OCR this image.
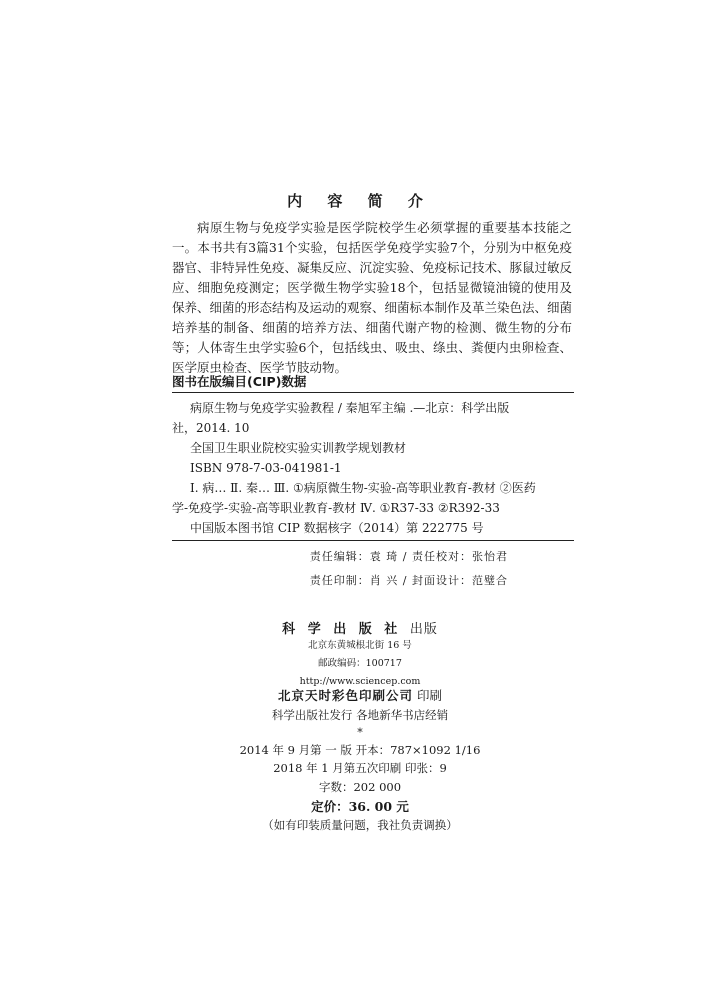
内 容 简 介

病原生物与免疫学实验是医学院校学生必须掌握的重要基本技能之一。本书共有3篇31个实验，包括医学免疫学实验7个，分别为中枢免疫器官、非特异性免疫、凝集反应、沉淀实验、免疫标记技术、豚鼠过敏反应、细胞免疫测定；医学微生物学实验18个，包括显微镜油镜的使用及保养、细菌的形态结构及运动的观察、细菌标本制作及革兰染色法、细菌培养基的制备、细菌的培养方法、细菌代谢产物的检测、微生物的分布等；人体寄生虫学实验6个，包括线虫、吸虫、绦虫、粪便内虫卵检查、医学原虫检查、医学节肢动物。

图书在版编目(CIP)数据
病原生物与免疫学实验教程 / 秦旭军主编 .—北京：科学出版
社，2014. 10
全国卫生职业院校实验实训教学规划教材
ISBN 978-7-03-041981-1
Ⅰ. 病… Ⅱ. 秦… Ⅲ. ①病原微生物-实验-高等职业教育-教材 ②医药
学-免疫学-实验-高等职业教育-教材 Ⅳ. ①R37-33 ②R392-33
中国版本图书馆 CIP 数据核字（2014）第 222775 号
责任编辑：袁 琦 / 责任校对：张怡君
责任印制：肖 兴 / 封面设计：范璧合
科 学 出 版 社 出版
北京东黄城根北街 16 号
邮政编码：100717
http://www.sciencep.com
北京天时彩色印刷公司 印刷
科学出版社发行 各地新华书店经销
*
2014 年 9 月第 一 版 开本：787×1092 1/16
2018 年 1 月第五次印刷 印张：9
字数：202 000
定价：36. 00 元
（如有印装质量问题，我社负责调换）
